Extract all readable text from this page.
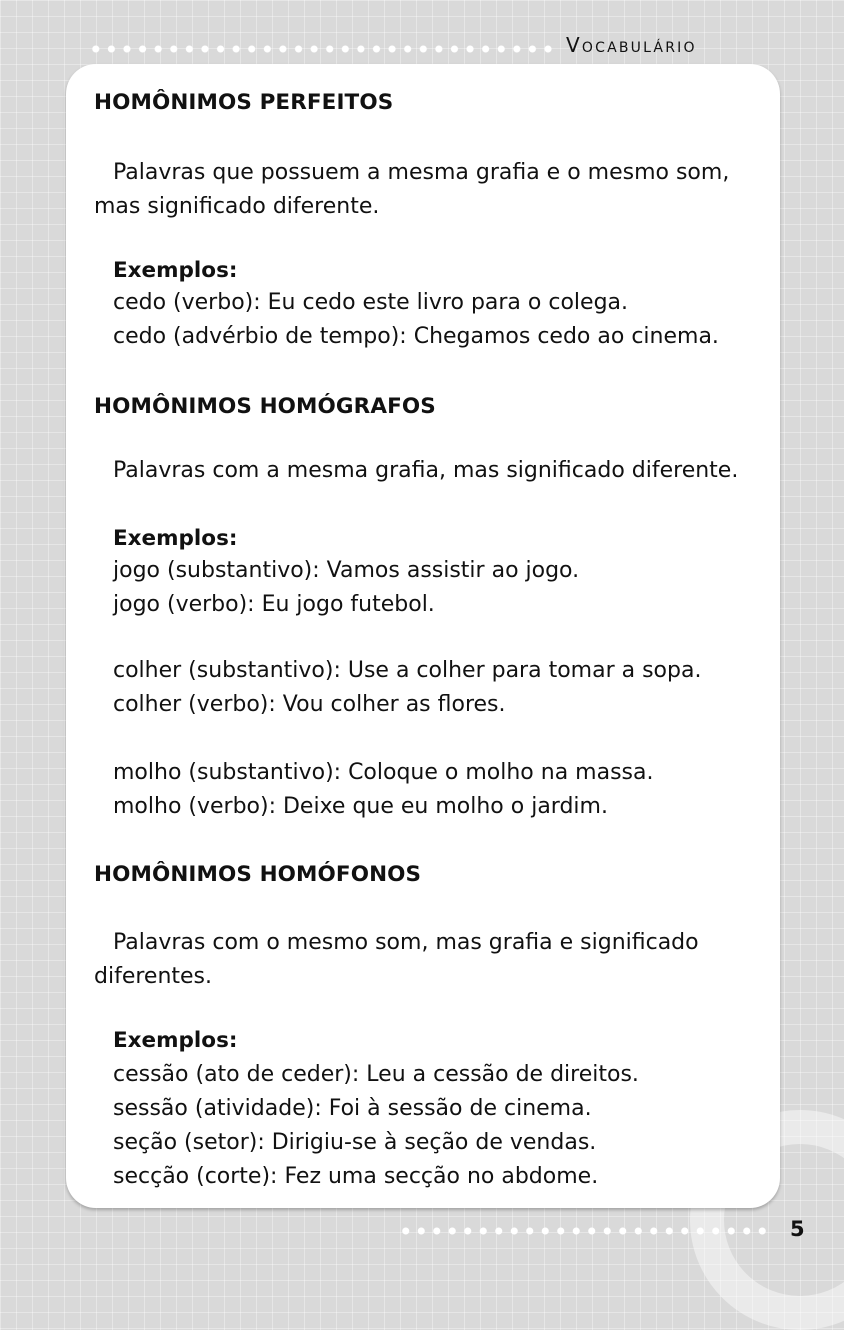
Vocabulário
HOMÔNIMOS PERFEITOS
Palavras que possuem a mesma grafia e o mesmo som,
mas significado diferente.
Exemplos:
cedo (verbo): Eu cedo este livro para o colega.
cedo (advérbio de tempo): Chegamos cedo ao cinema.
HOMÔNIMOS HOMÓGRAFOS
Palavras com a mesma grafia, mas significado diferente.
Exemplos:
jogo (substantivo): Vamos assistir ao jogo.
jogo (verbo): Eu jogo futebol.
colher (substantivo): Use a colher para tomar a sopa.
colher (verbo): Vou colher as flores.
molho (substantivo): Coloque o molho na massa.
molho (verbo): Deixe que eu molho o jardim.
HOMÔNIMOS HOMÓFONOS
Palavras com o mesmo som, mas grafia e significado
diferentes.
Exemplos:
cessão (ato de ceder): Leu a cessão de direitos.
sessão (atividade): Foi à sessão de cinema.
seção (setor): Dirigiu-se à seção de vendas.
secção (corte): Fez uma secção no abdome.
5
